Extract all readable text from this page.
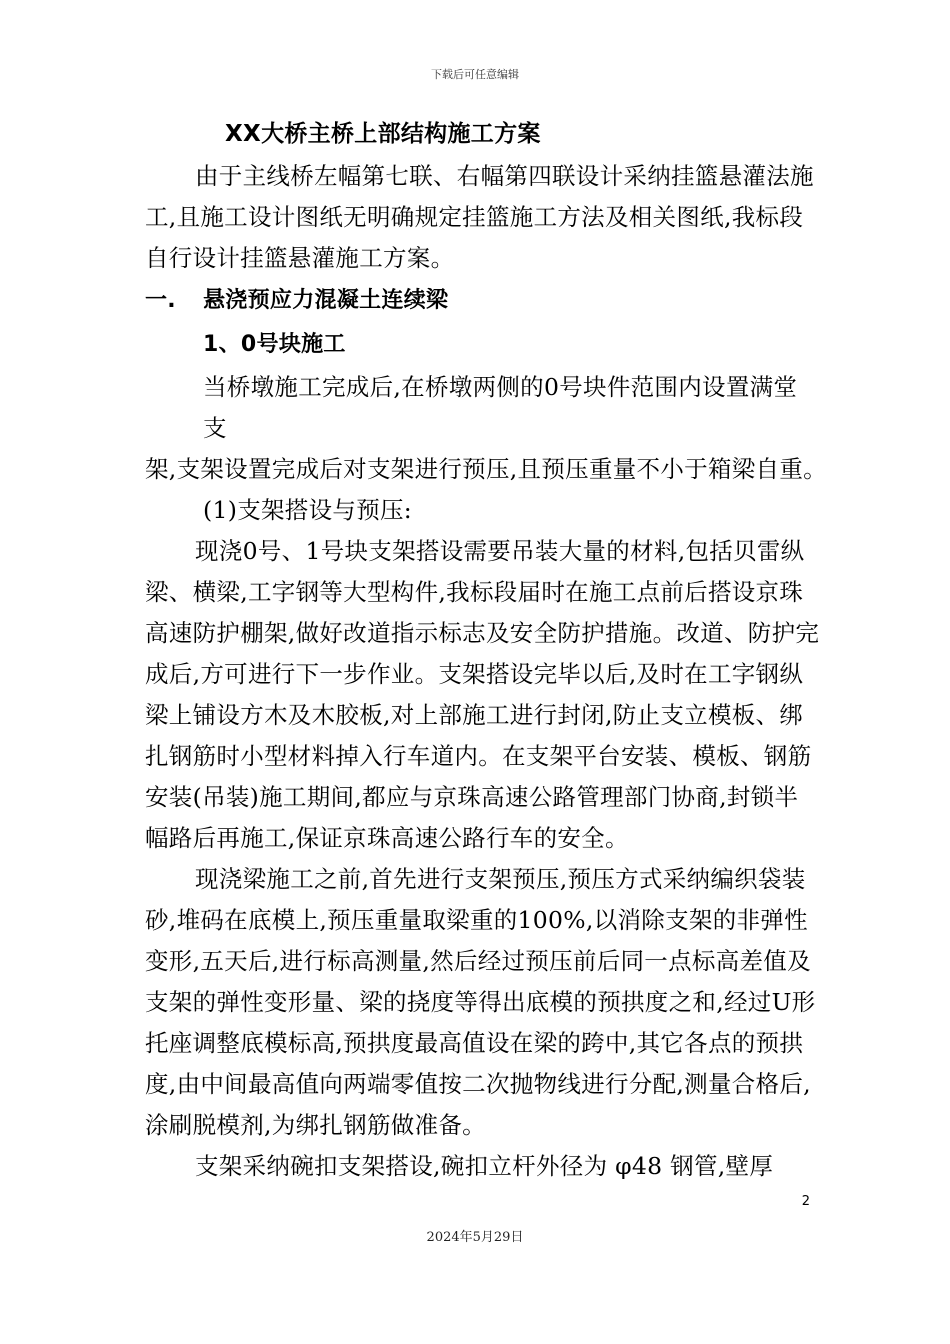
下载后可任意编辑

XX大桥主桥上部结构施工方案

由于主线桥左幅第七联、右幅第四联设计采纳挂篮悬灌法施

工,且施工设计图纸无明确规定挂篮施工方法及相关图纸,我标段

自行设计挂篮悬灌施工方案。

一. 悬浇预应力混凝土连续梁

1、0号块施工

当桥墩施工完成后,在桥墩两侧的0号块件范围内设置满堂

支

架,支架设置完成后对支架进行预压,且预压重量不小于箱梁自重。

(1)支架搭设与预压:

现浇0号、1号块支架搭设需要吊装大量的材料,包括贝雷纵

梁、横梁,工字钢等大型构件,我标段届时在施工点前后搭设京珠

高速防护棚架,做好改道指示标志及安全防护措施。改道、防护完

成后,方可进行下一步作业。支架搭设完毕以后,及时在工字钢纵

梁上铺设方木及木胶板,对上部施工进行封闭,防止支立模板、绑

扎钢筋时小型材料掉入行车道内。在支架平台安装、模板、钢筋

安装(吊装)施工期间,都应与京珠高速公路管理部门协商,封锁半

幅路后再施工,保证京珠高速公路行车的安全。

现浇梁施工之前,首先进行支架预压,预压方式采纳编织袋装

砂,堆码在底模上,预压重量取梁重的100%,以消除支架的非弹性

变形,五天后,进行标高测量,然后经过预压前后同一点标高差值及

支架的弹性变形量、梁的挠度等得出底模的预拱度之和,经过U形

托座调整底模标高,预拱度最高值设在梁的跨中,其它各点的预拱

度,由中间最高值向两端零值按二次抛物线进行分配,测量合格后,

涂刷脱模剂,为绑扎钢筋做准备。

支架采纳碗扣支架搭设,碗扣立杆外径为 φ48 钢管,壁厚

2
2024年5月29日
